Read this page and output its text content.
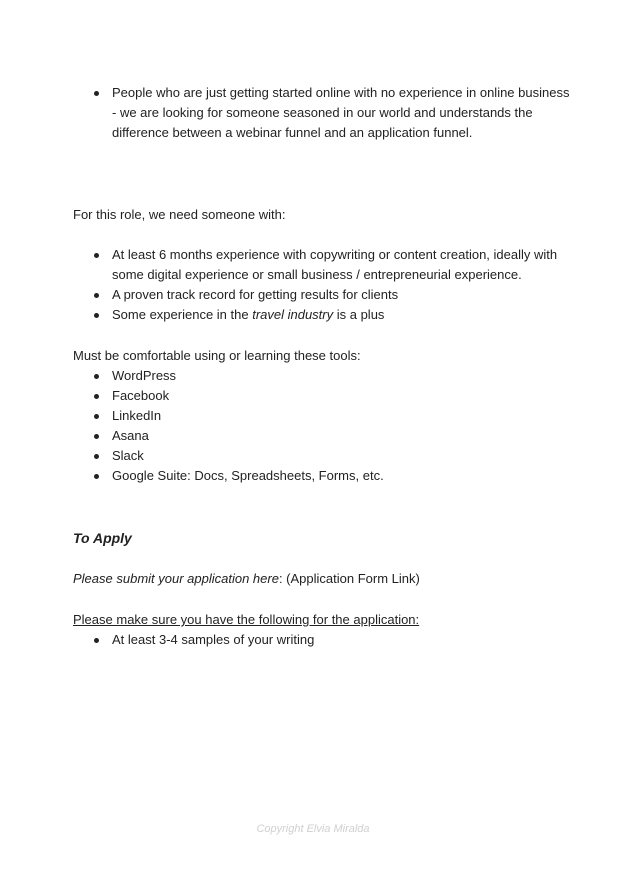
People who are just getting started online with no experience in online business - we are looking for someone seasoned in our world and understands the difference between a webinar funnel and an application funnel.

For this role, we need someone with:

At least 6 months experience with copywriting or content creation, ideally with some digital experience or small business / entrepreneurial experience.
A proven track record for getting results for clients
Some experience in the travel industry is a plus

Must be comfortable using or learning these tools:

WordPress
Facebook
LinkedIn
Asana
Slack
Google Suite: Docs, Spreadsheets, Forms, etc.
To Apply

Please submit your application here: (Application Form Link)

Please make sure you have the following for the application:

At least 3-4 samples of your writing
Copyright Elvia Miralda
